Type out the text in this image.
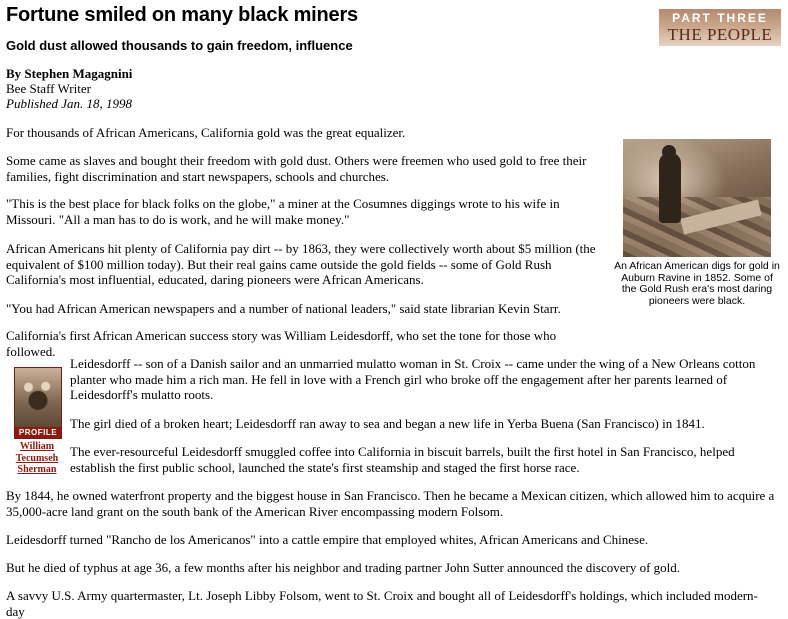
Fortune smiled on many black miners
Gold dust allowed thousands to gain freedom, influence
PART THREE
THE PEOPLE
By Stephen Magagnini
Bee Staff Writer
Published Jan. 18, 1998

For thousands of African Americans, California gold was the great equalizer.

Some came as slaves and bought their freedom with gold dust. Others were freemen who used gold to free their families, fight discrimination and start newspapers, schools and churches.

"This is the best place for black folks on the globe," a miner at the Cosumnes diggings wrote to his wife in Missouri. "All a man has to do is work, and he will make money."

African Americans hit plenty of California pay dirt -- by 1863, they were collectively worth about $5 million (the equivalent of $100 million today). But their real gains came outside the gold fields -- some of Gold Rush California's most influential, educated, daring pioneers were African Americans.

"You had African American newspapers and a number of national leaders," said state librarian Kevin Starr.

California's first African American success story was William Leidesdorff, who set the tone for those who followed.

An African American digs for gold in Auburn Ravine in 1852. Some of the Gold Rush era's most daring pioneers were black.

PROFILE
William Tecumseh Sherman

Leidesdorff -- son of a Danish sailor and an unmarried mulatto woman in St. Croix -- came under the wing of a New Orleans cotton planter who made him a rich man. He fell in love with a French girl who broke off the engagement after her parents learned of Leidesdorff's mulatto roots.

The girl died of a broken heart; Leidesdorff ran away to sea and began a new life in Yerba Buena (San Francisco) in 1841.

The ever-resourceful Leidesdorff smuggled coffee into California in biscuit barrels, built the first hotel in San Francisco, helped establish the first public school, launched the state's first steamship and staged the first horse race.

By 1844, he owned waterfront property and the biggest house in San Francisco. Then he became a Mexican citizen, which allowed him to acquire a 35,000-acre land grant on the south bank of the American River encompassing modern Folsom.

Leidesdorff turned "Rancho de los Americanos" into a cattle empire that employed whites, African Americans and Chinese.

But he died of typhus at age 36, a few months after his neighbor and trading partner John Sutter announced the discovery of gold.

A savvy U.S. Army quartermaster, Lt. Joseph Libby Folsom, went to St. Croix and bought all of Leidesdorff's holdings, which included modern-day
